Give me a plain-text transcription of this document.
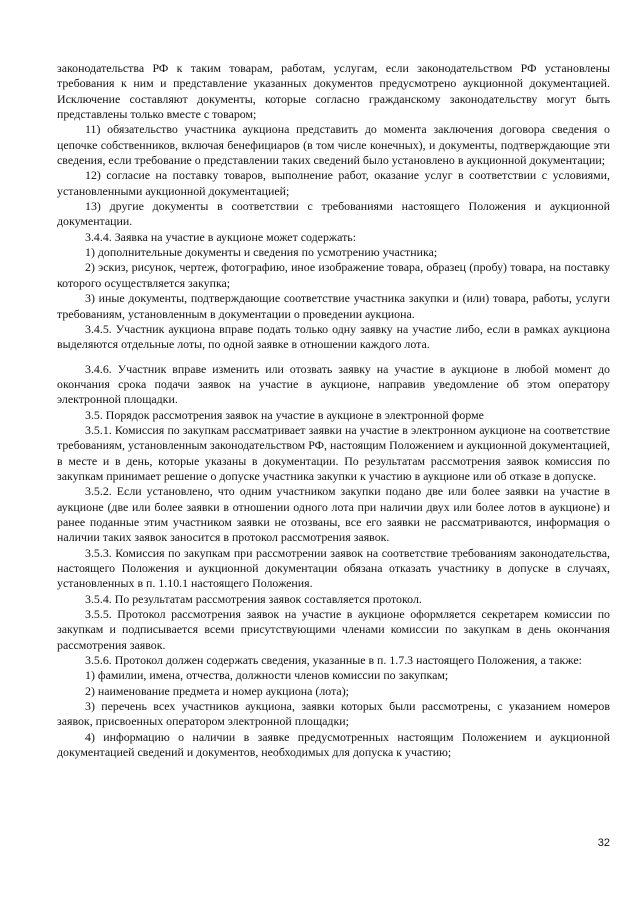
законодательства РФ к таким товарам, работам, услугам, если законодательством РФ установлены требования к ним и представление указанных документов предусмотрено аукционной документацией. Исключение составляют документы, которые согласно гражданскому законодательству могут быть представлены только вместе с товаром;

11) обязательство участника аукциона представить до момента заключения договора сведения о цепочке собственников, включая бенефициаров (в том числе конечных), и документы, подтверждающие эти сведения, если требование о представлении таких сведений было установлено в аукционной документации;

12) согласие на поставку товаров, выполнение работ, оказание услуг в соответствии с условиями, установленными аукционной документацией;

13) другие документы в соответствии с требованиями настоящего Положения и аукционной документации.

3.4.4. Заявка на участие в аукционе может содержать:

1) дополнительные документы и сведения по усмотрению участника;

2) эскиз, рисунок, чертеж, фотографию, иное изображение товара, образец (пробу) товара, на поставку которого осуществляется закупка;

3) иные документы, подтверждающие соответствие участника закупки и (или) товара, работы, услуги требованиям, установленным в документации о проведении аукциона.

3.4.5. Участник аукциона вправе подать только одну заявку на участие либо, если в рамках аукциона выделяются отдельные лоты, по одной заявке в отношении каждого лота.

3.4.6. Участник вправе изменить или отозвать заявку на участие в аукционе в любой момент до окончания срока подачи заявок на участие в аукционе, направив уведомление об этом оператору электронной площадки.

3.5. Порядок рассмотрения заявок на участие в аукционе в электронной форме

3.5.1. Комиссия по закупкам рассматривает заявки на участие в электронном аукционе на соответствие требованиям, установленным законодательством РФ, настоящим Положением и аукционной документацией, в месте и в день, которые указаны в документации. По результатам рассмотрения заявок комиссия по закупкам принимает решение о допуске участника закупки к участию в аукционе или об отказе в допуске.

3.5.2. Если установлено, что одним участником закупки подано две или более заявки на участие в аукционе (две или более заявки в отношении одного лота при наличии двух или более лотов в аукционе) и ранее поданные этим участником заявки не отозваны, все его заявки не рассматриваются, информация о наличии таких заявок заносится в протокол рассмотрения заявок.

3.5.3. Комиссия по закупкам при рассмотрении заявок на соответствие требованиям законодательства, настоящего Положения и аукционной документации обязана отказать участнику в допуске в случаях, установленных в п. 1.10.1 настоящего Положения.

3.5.4. По результатам рассмотрения заявок составляется протокол.

3.5.5. Протокол рассмотрения заявок на участие в аукционе оформляется секретарем комиссии по закупкам и подписывается всеми присутствующими членами комиссии по закупкам в день окончания рассмотрения заявок.

3.5.6. Протокол должен содержать сведения, указанные в п. 1.7.3 настоящего Положения, а также:

1) фамилии, имена, отчества, должности членов комиссии по закупкам;

2) наименование предмета и номер аукциона (лота);

3) перечень всех участников аукциона, заявки которых были рассмотрены, с указанием номеров заявок, присвоенных оператором электронной площадки;

4) информацию о наличии в заявке предусмотренных настоящим Положением и аукционной документацией сведений и документов, необходимых для допуска к участию;

32
